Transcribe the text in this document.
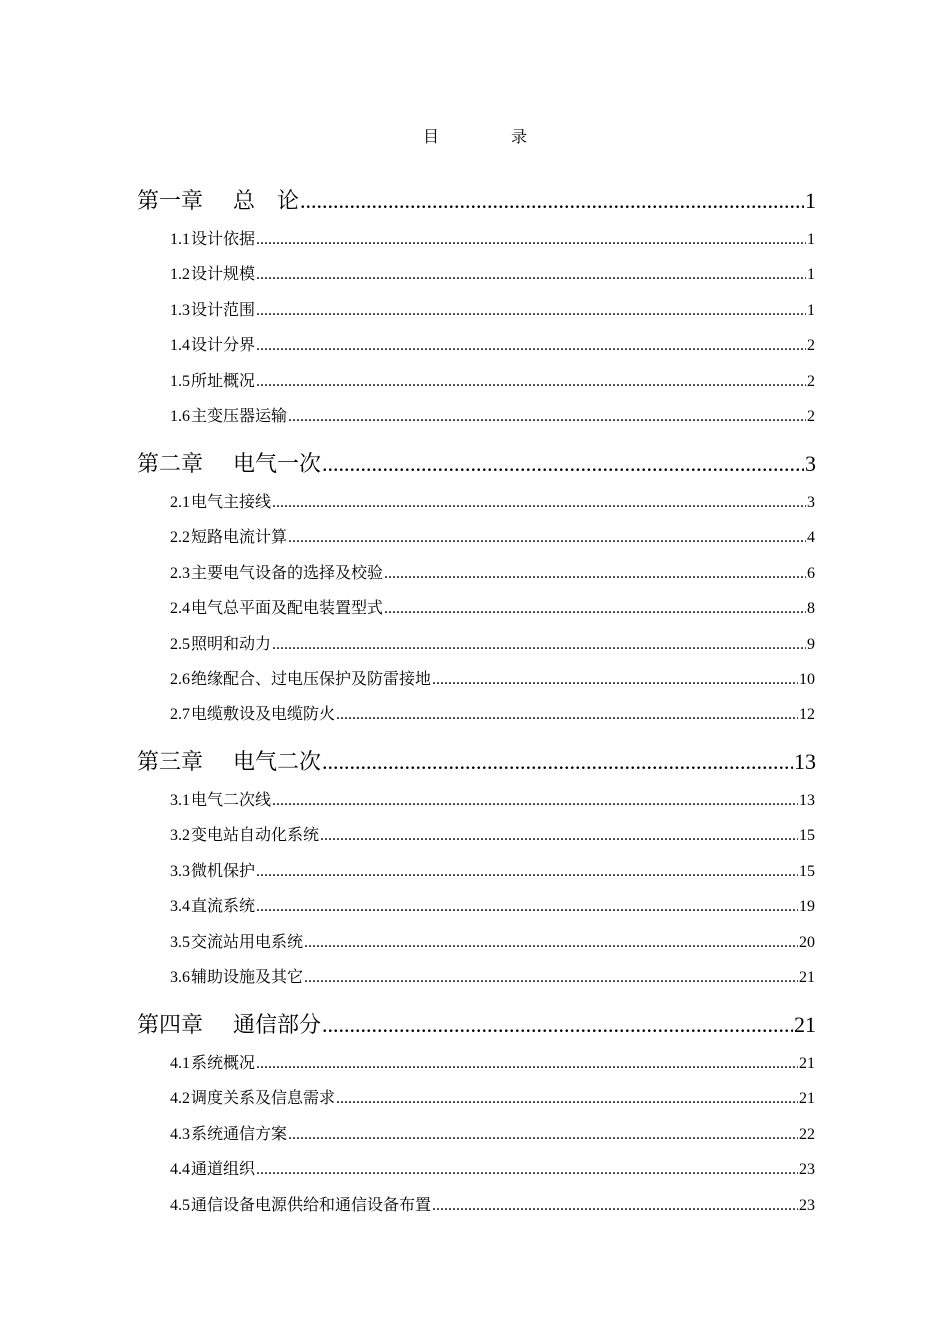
目　录
第一章	总　论 .....	1
1.1 设计依据 .....	1
1.2 设计规模 .....	1
1.3 设计范围 .....	1
1.4 设计分界 .....	2
1.5 所址概况 .....	2
1.6 主变压器运输 .....	2
第二章	电气一次 .....	3
2.1 电气主接线 .....	3
2.2 短路电流计算 .....	4
2.3 主要电气设备的选择及校验 .....	6
2.4 电气总平面及配电装置型式 .....	8
2.5 照明和动力 .....	9
2.6 绝缘配合、过电压保护及防雷接地 .....	10
2.7 电缆敷设及电缆防火 .....	12
第三章	电气二次 .....	13
3.1 电气二次线 .....	13
3.2 变电站自动化系统 .....	15
3.3 微机保护 .....	15
3.4 直流系统 .....	19
3.5 交流站用电系统 .....	20
3.6 辅助设施及其它 .....	21
第四章	通信部分 .....	21
4.1 系统概况 .....	21
4.2 调度关系及信息需求 .....	21
4.3 系统通信方案 .....	22
4.4 通道组织 .....	23
4.5 通信设备电源供给和通信设备布置 .....	23
